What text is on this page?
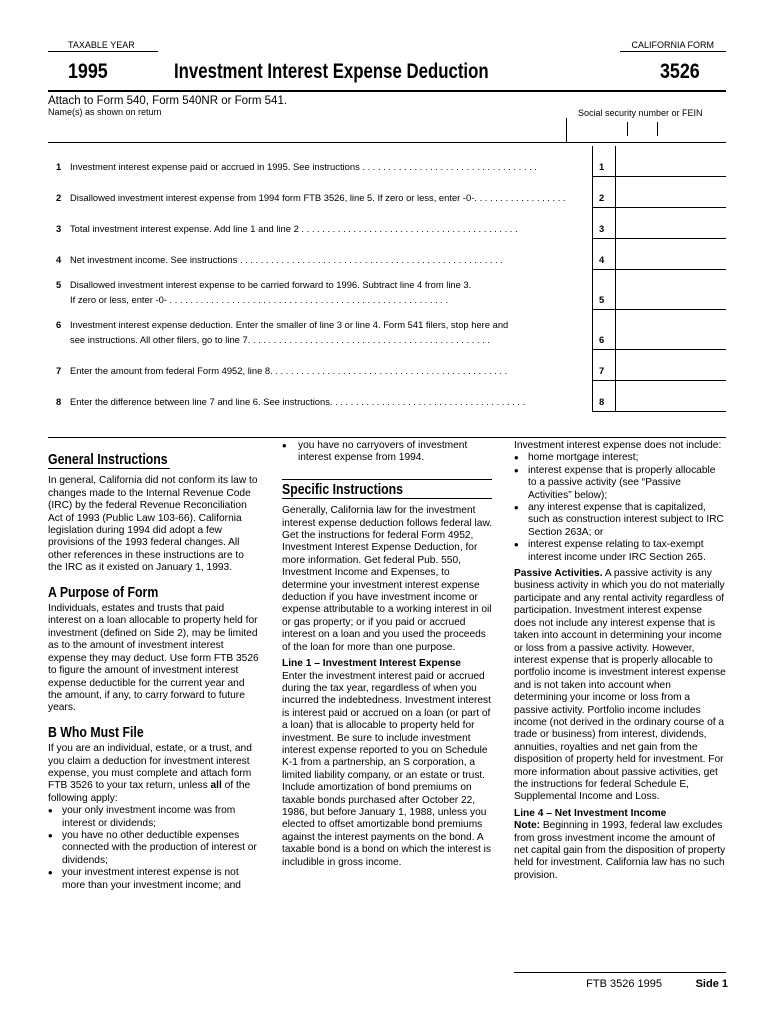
TAXABLE YEAR	CALIFORNIA FORM
1995	Investment Interest Expense Deduction	3526
Attach to Form 540, Form 540NR or Form 541.
Name(s) as shown on return	Social security number or FEIN
1 Investment interest expense paid or accrued in 1995. See instructions . . . . . . . . . . . . . . . . . . . . . . . . . . . . . . . . . .	1
2 Disallowed investment interest expense from 1994 form FTB 3526, line 5. If zero or less, enter -0-. . . . . . . . . . . . . . . . . .	2
3 Total investment interest expense. Add line 1 and line 2 . . . . . . . . . . . . . . . . . . . . . . . . . . . . . . . . . . . . . . . . . .	3
4 Net investment income. See instructions . . . . . . . . . . . . . . . . . . . . . . . . . . . . . . . . . . . . . . . . . . . . . . . . . . .	4
5 Disallowed investment interest expense to be carried forward to 1996. Subtract line 4 from line 3.
If zero or less, enter -0- . . . . . . . . . . . . . . . . . . . . . . . . . . . . . . . . . . . . . . . . . . . . . . . . . . . . . .	5
6 Investment interest expense deduction. Enter the smaller of line 3 or line 4. Form 541 filers, stop here and
see instructions. All other filers, go to line 7. . . . . . . . . . . . . . . . . . . . . . . . . . . . . . . . . . . . . . . . . . . . . . .	6
7 Enter the amount from federal Form 4952, line 8. . . . . . . . . . . . . . . . . . . . . . . . . . . . . . . . . . . . . . . . . . . . . .	7
8 Enter the difference between line 7 and line 6. See instructions. . . . . . . . . . . . . . . . . . . . . . . . . . . . . . . . . . . . . .	8
General Instructions

In general, California did not conform its law to changes made to the Internal Revenue Code (IRC) by the federal Revenue Reconciliation Act of 1993 (Public Law 103-66). California legislation during 1994 did adopt a few provisions of the 1993 federal changes. All other references in these instructions are to the IRC as it existed on January 1, 1993.

A Purpose of Form

Individuals, estates and trusts that paid interest on a loan allocable to property held for investment (defined on Side 2), may be limited as to the amount of investment interest expense they may deduct. Use form FTB 3526 to figure the amount of investment interest expense deductible for the current year and the amount, if any, to carry forward to future years.

B Who Must File

If you are an individual, estate, or a trust, and you claim a deduction for investment interest expense, you must complete and attach form FTB 3526 to your tax return, unless all of the following apply:

• your only investment income was from interest or dividends;
• you have no other deductible expenses connected with the production of interest or dividends;
• your investment interest expense is not more than your investment income; and
• you have no carryovers of investment interest expense from 1994.
Specific Instructions

Generally, California law for the investment interest expense deduction follows federal law. Get the instructions for federal Form 4952, Investment Interest Expense Deduction, for more information. Get federal Pub. 550, Investment Income and Expenses, to determine your investment interest expense deduction if you have investment income or expense attributable to a working interest in oil or gas property; or if you paid or accrued interest on a loan and you used the proceeds of the loan for more than one purpose.

Line 1 – Investment Interest Expense

Enter the investment interest paid or accrued during the tax year, regardless of when you incurred the indebtedness. Investment interest is interest paid or accrued on a loan (or part of a loan) that is allocable to property held for investment. Be sure to include investment interest expense reported to you on Schedule K-1 from a partnership, an S corporation, a limited liability company, or an estate or trust. Include amortization of bond premiums on taxable bonds purchased after October 22, 1986, but before January 1, 1988, unless you elected to offset amortizable bond premiums against the interest payments on the bond. A taxable bond is a bond on which the interest is includible in gross income.

Investment interest expense does not include:

• home mortgage interest;
• interest expense that is properly allocable to a passive activity (see “Passive Activities” below);
• any interest expense that is capitalized, such as construction interest subject to IRC Section 263A; or
• interest expense relating to tax-exempt interest income under IRC Section 265.

Passive Activities. A passive activity is any business activity in which you do not materially participate and any rental activity regardless of participation. Investment interest expense does not include any interest expense that is taken into account in determining your income or loss from a passive activity. However, interest expense that is properly allocable to portfolio income is investment interest expense and is not taken into account when determining your income or loss from a passive activity. Portfolio income includes income (not derived in the ordinary course of a trade or business) from interest, dividends, annuities, royalties and net gain from the disposition of property held for investment. For more information about passive activities, get the instructions for federal Schedule E, Supplemental Income and Loss.

Line 4 – Net Investment Income

Note: Beginning in 1993, federal law excludes from gross investment income the amount of net capital gain from the disposition of property held for investment. California law has no such provision.

FTB 3526 1995	Side 1
